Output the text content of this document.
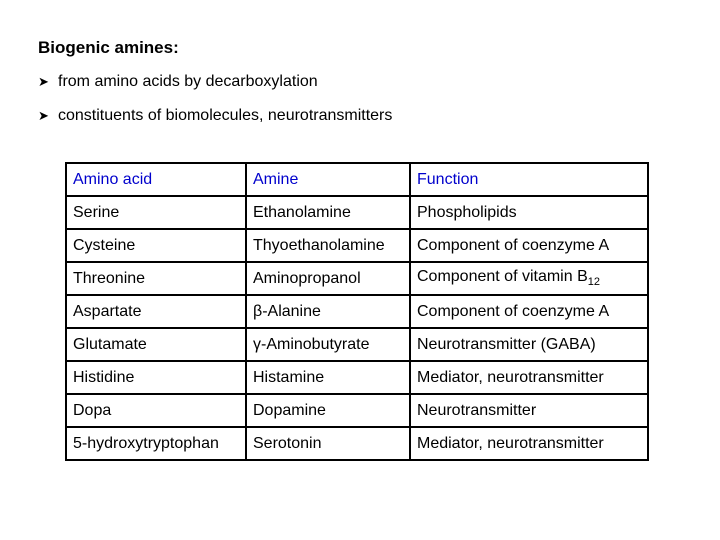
Biogenic amines:
➤ from amino acids by decarboxylation
➤ constituents of biomolecules, neurotransmitters
Amino acid	Amine	Function
Serine	Ethanolamine	Phospholipids
Cysteine	Thyoethanolamine	Component of coenzyme A
Threonine	Aminopropanol	Component of vitamin $B_{12}$
Aspartate	β-Alanine	Component of coenzyme A
Glutamate	γ-Aminobutyrate	Neurotransmitter (GABA)
Histidine	Histamine	Mediator, neurotransmitter
Dopa	Dopamine	Neurotransmitter
5-hydroxytryptophan	Serotonin	Mediator, neurotransmitter
